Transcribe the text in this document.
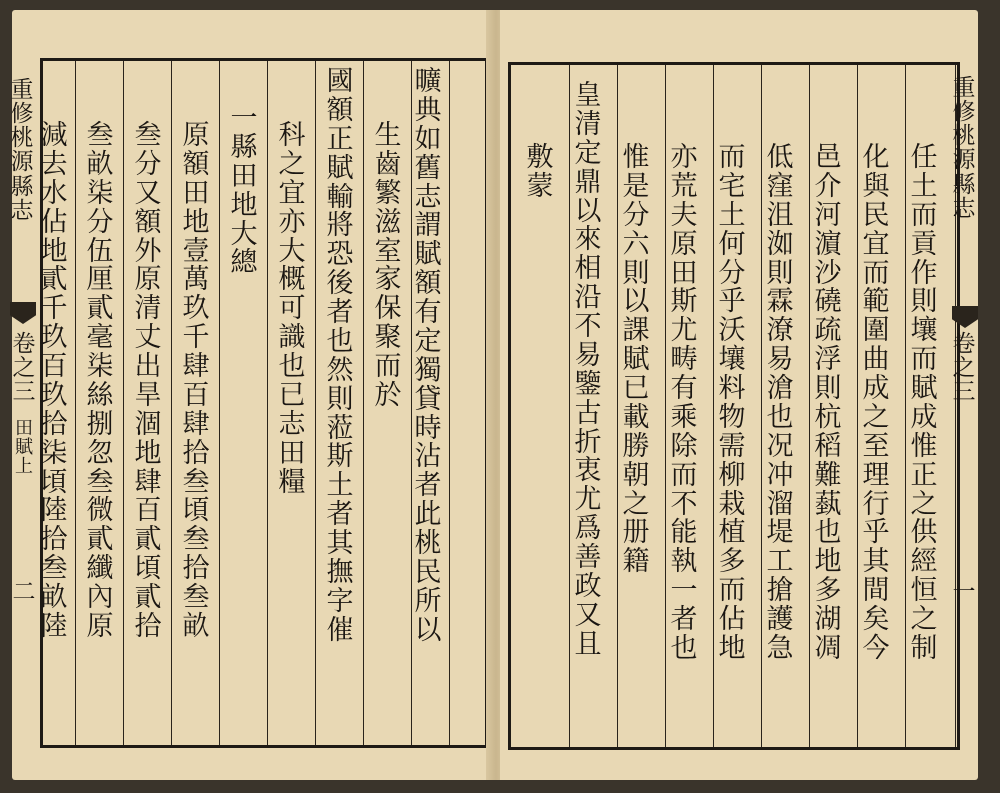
重修桃源縣志
卷之三
田賦上
二
曠典如舊志謂賦額有定獨貸時沾者此桃民所以
生齒繁滋室家保聚而於
國額正賦輸將恐後者也然則蒞斯土者其撫字催
科之宜亦大概可識也已志田糧
一縣田地大總
原額田地壹萬玖千肆百肆拾叁頃叁拾叁畝
叁分又額外原清丈出旱涸地肆百貳頃貳拾
叁畝柒分伍厘貳毫柒絲捌忽叁微貳纖內原
減去水佔地貳千玖百玖拾柒頃陸拾叁畝陸
重修桃源縣志
卷之三
一
任土而貢作則壤而賦成惟正之供經恒之制
化與民宜而範圍曲成之至理行乎其間矣今
邑介河濵沙磽疏浮則杭稻難蓺也地多湖凋
低窪沮洳則霖潦易滄也况冲溜堤工搶護急
而宅土何分乎沃壤料物需柳栽植多而佔地
亦荒夫原田斯尤畴有乘除而不能執一者也
惟是分六則以課賦已載勝朝之册籍
皇清定鼎以來相沿不易鑒古折衷尤爲善政又且
敷蒙
